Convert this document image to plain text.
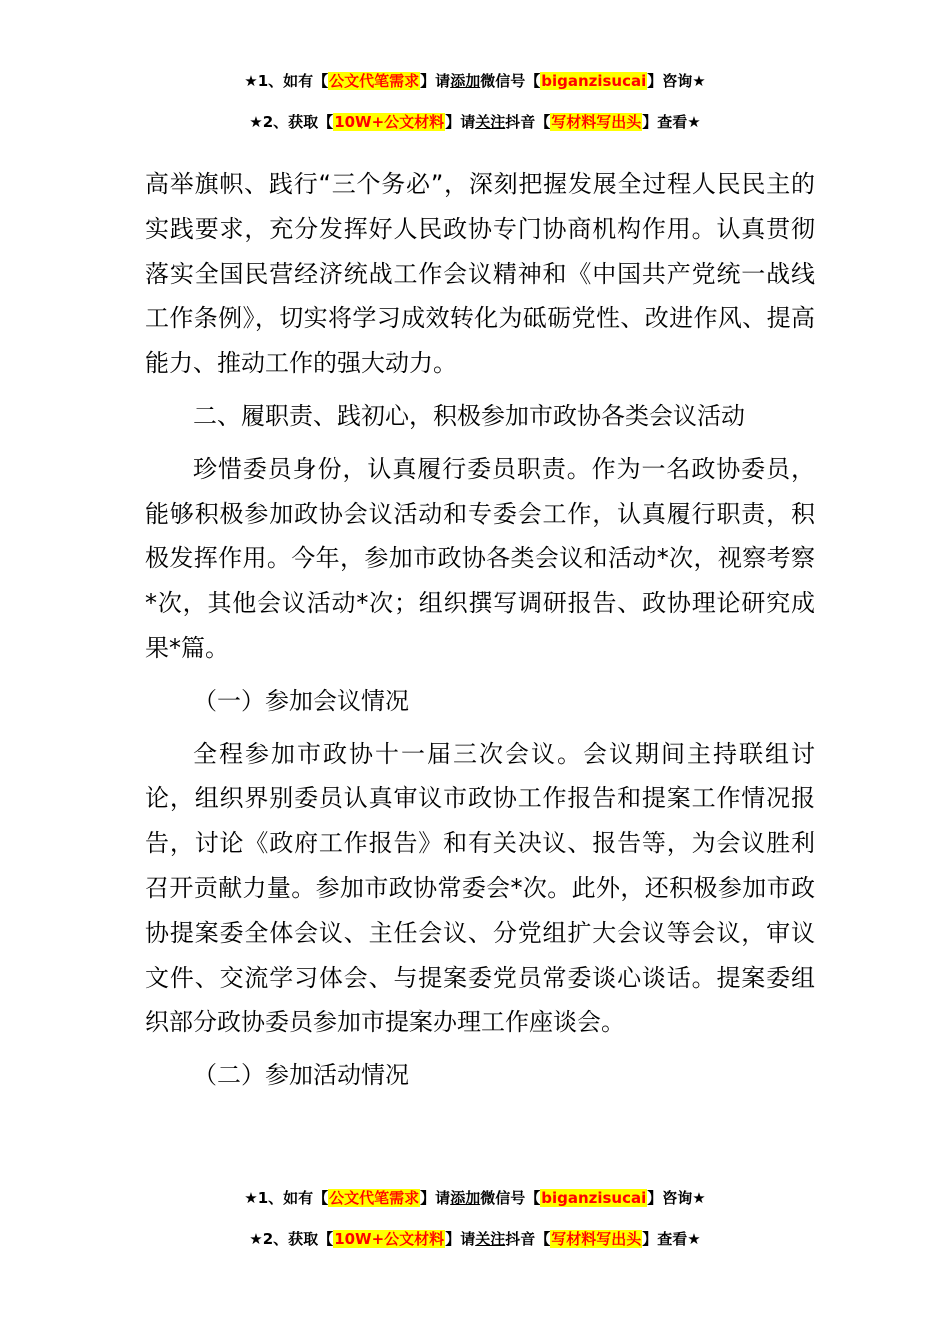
★1、如有【公文代笔需求】请添加微信号【biganzisucai】咨询★
★2、获取【10W+公文材料】请关注抖音【写材料写出头】查看★

高举旗帜、践行“三个务必”，深刻把握发展全过程人民民主的实践要求，充分发挥好人民政协专门协商机构作用。认真贯彻落实全国民营经济统战工作会议精神和《中国共产党统一战线工作条例》，切实将学习成效转化为砥砺党性、改进作风、提高能力、推动工作的强大动力。

二、履职责、践初心，积极参加市政协各类会议活动

珍惜委员身份，认真履行委员职责。作为一名政协委员，能够积极参加政协会议活动和专委会工作，认真履行职责，积极发挥作用。今年，参加市政协各类会议和活动*次，视察考察*次，其他会议活动*次；组织撰写调研报告、政协理论研究成果*篇。

（一）参加会议情况

全程参加市政协十一届三次会议。会议期间主持联组讨论，组织界别委员认真审议市政协工作报告和提案工作情况报告，讨论《政府工作报告》和有关决议、报告等，为会议胜利召开贡献力量。参加市政协常委会*次。此外，还积极参加市政协提案委全体会议、主任会议、分党组扩大会议等会议，审议文件、交流学习体会、与提案委党员常委谈心谈话。提案委组织部分政协委员参加市提案办理工作座谈会。

（二）参加活动情况

★1、如有【公文代笔需求】请添加微信号【biganzisucai】咨询★
★2、获取【10W+公文材料】请关注抖音【写材料写出头】查看★
